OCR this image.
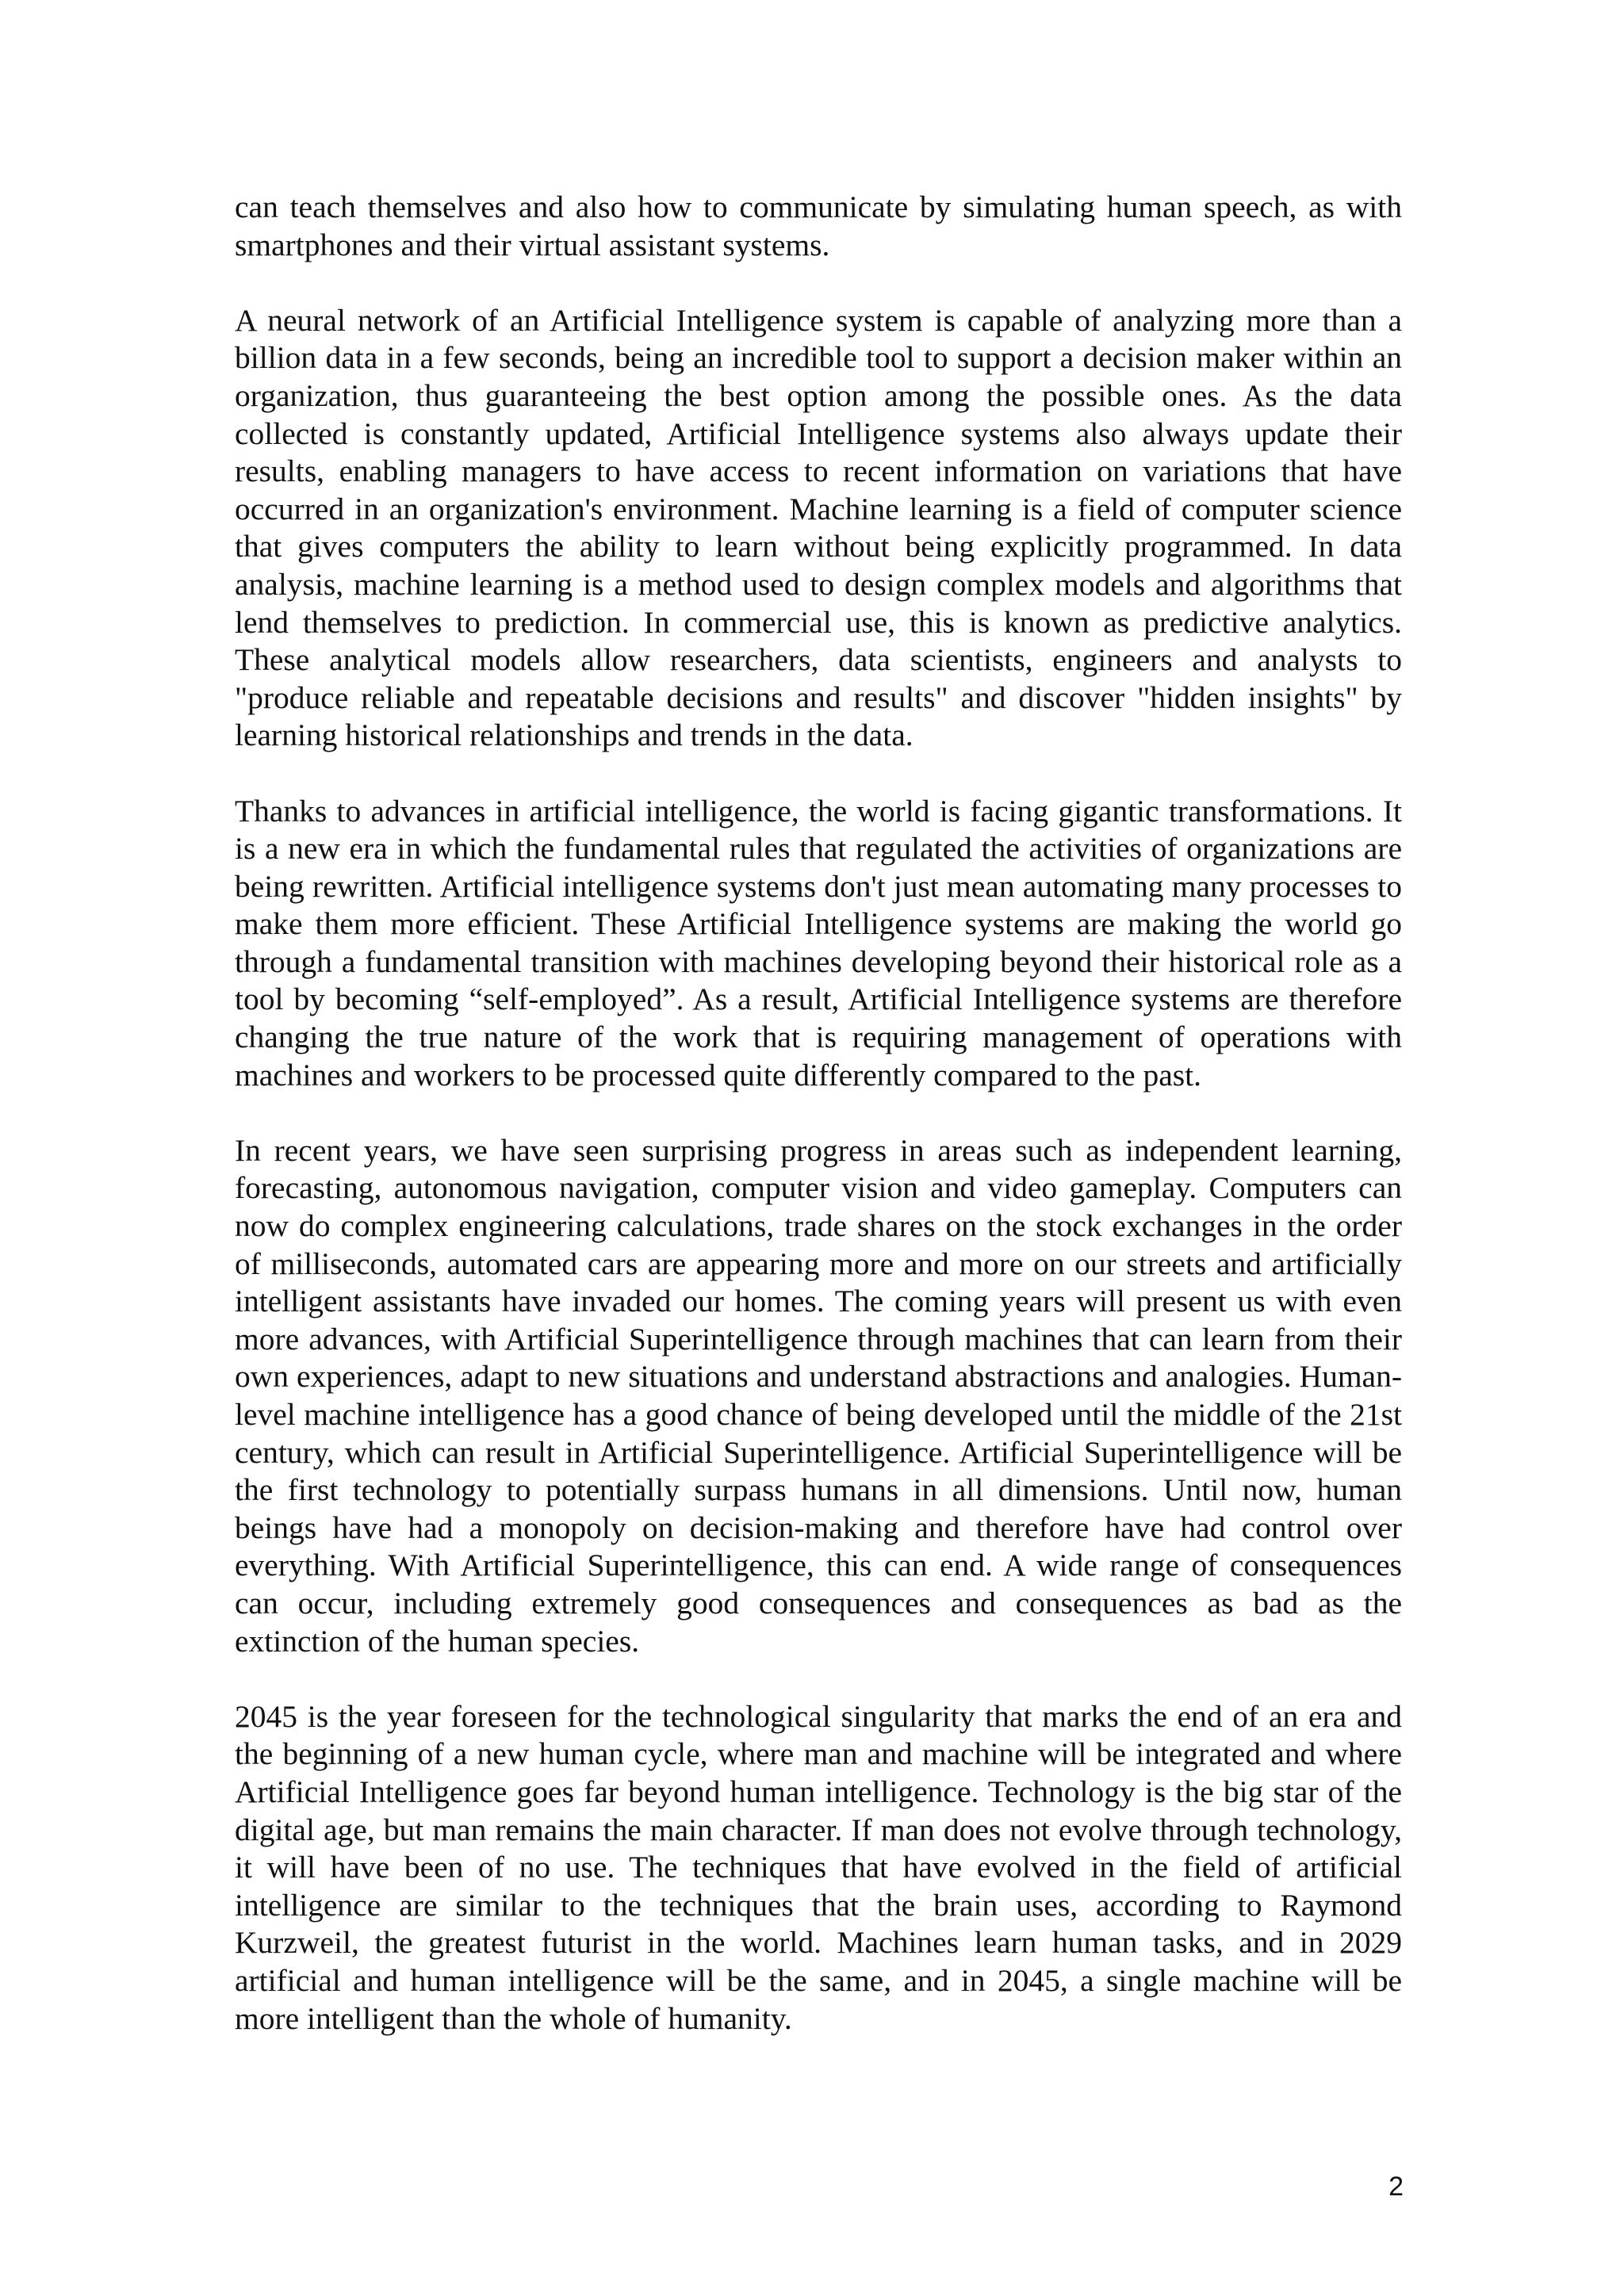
can teach themselves and also how to communicate by simulating human speech, as with smartphones and their virtual assistant systems.

A neural network of an Artificial Intelligence system is capable of analyzing more than a billion data in a few seconds, being an incredible tool to support a decision maker within an organization, thus guaranteeing the best option among the possible ones. As the data collected is constantly updated, Artificial Intelligence systems also always update their results, enabling managers to have access to recent information on variations that have occurred in an organization's environment. Machine learning is a field of computer science that gives computers the ability to learn without being explicitly programmed. In data analysis, machine learning is a method used to design complex models and algorithms that lend themselves to prediction. In commercial use, this is known as predictive analytics. These analytical models allow researchers, data scientists, engineers and analysts to "produce reliable and repeatable decisions and results" and discover "hidden insights" by learning historical relationships and trends in the data.

Thanks to advances in artificial intelligence, the world is facing gigantic transformations. It is a new era in which the fundamental rules that regulated the activities of organizations are being rewritten. Artificial intelligence systems don't just mean automating many processes to make them more efficient. These Artificial Intelligence systems are making the world go through a fundamental transition with machines developing beyond their historical role as a tool by becoming “self-employed”. As a result, Artificial Intelligence systems are therefore changing the true nature of the work that is requiring management of operations with machines and workers to be processed quite differently compared to the past.

In recent years, we have seen surprising progress in areas such as independent learning, forecasting, autonomous navigation, computer vision and video gameplay. Computers can now do complex engineering calculations, trade shares on the stock exchanges in the order of milliseconds, automated cars are appearing more and more on our streets and artificially intelligent assistants have invaded our homes. The coming years will present us with even more advances, with Artificial Superintelligence through machines that can learn from their own experiences, adapt to new situations and understand abstractions and analogies. Human-level machine intelligence has a good chance of being developed until the middle of the 21st century, which can result in Artificial Superintelligence. Artificial Superintelligence will be the first technology to potentially surpass humans in all dimensions. Until now, human beings have had a monopoly on decision-making and therefore have had control over everything. With Artificial Superintelligence, this can end. A wide range of consequences can occur, including extremely good consequences and consequences as bad as the extinction of the human species.

2045 is the year foreseen for the technological singularity that marks the end of an era and the beginning of a new human cycle, where man and machine will be integrated and where Artificial Intelligence goes far beyond human intelligence. Technology is the big star of the digital age, but man remains the main character. If man does not evolve through technology, it will have been of no use. The techniques that have evolved in the field of artificial intelligence are similar to the techniques that the brain uses, according to Raymond Kurzweil, the greatest futurist in the world. Machines learn human tasks, and in 2029 artificial and human intelligence will be the same, and in 2045, a single machine will be more intelligent than the whole of humanity.

2
